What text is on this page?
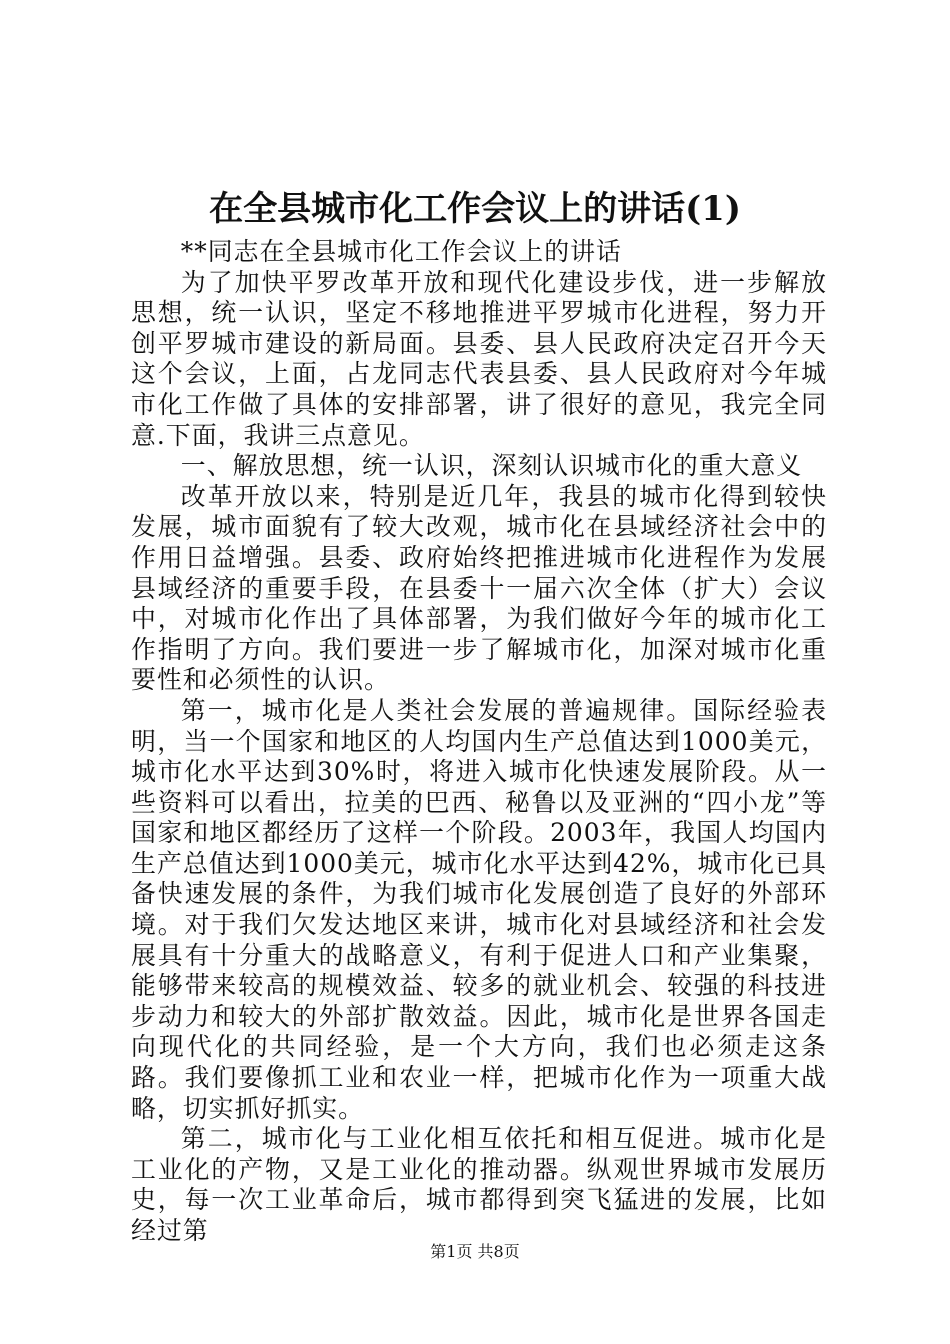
在全县城市化工作会议上的讲话(1)

**同志在全县城市化工作会议上的讲话

为了加快平罗改革开放和现代化建设步伐，进一步解放思想，统一认识，坚定不移地推进平罗城市化进程，努力开创平罗城市建设的新局面。县委、县人民政府决定召开今天这个会议，上面，占龙同志代表县委、县人民政府对今年城市化工作做了具体的安排部署，讲了很好的意见，我完全同意.下面，我讲三点意见。

一、解放思想，统一认识，深刻认识城市化的重大意义

改革开放以来，特别是近几年，我县的城市化得到较快发展，城市面貌有了较大改观，城市化在县域经济社会中的作用日益增强。县委、政府始终把推进城市化进程作为发展县域经济的重要手段，在县委十一届六次全体（扩大）会议中，对城市化作出了具体部署，为我们做好今年的城市化工作指明了方向。我们要进一步了解城市化，加深对城市化重要性和必须性的认识。

第一，城市化是人类社会发展的普遍规律。国际经验表明，当一个国家和地区的人均国内生产总值达到1000美元，城市化水平达到30%时，将进入城市化快速发展阶段。从一些资料可以看出，拉美的巴西、秘鲁以及亚洲的“四小龙”等国家和地区都经历了这样一个阶段。2003年，我国人均国内生产总值达到1000美元，城市化水平达到42%，城市化已具备快速发展的条件，为我们城市化发展创造了良好的外部环境。对于我们欠发达地区来讲，城市化对县域经济和社会发展具有十分重大的战略意义，有利于促进人口和产业集聚，能够带来较高的规模效益、较多的就业机会、较强的科技进步动力和较大的外部扩散效益。因此，城市化是世界各国走向现代化的共同经验，是一个大方向，我们也必须走这条路。我们要像抓工业和农业一样，把城市化作为一项重大战略，切实抓好抓实。

第二，城市化与工业化相互依托和相互促进。城市化是工业化的产物，又是工业化的推动器。纵观世界城市发展历史，每一次工业革命后，城市都得到突飞猛进的发展，比如经过第

第1页 共8页
